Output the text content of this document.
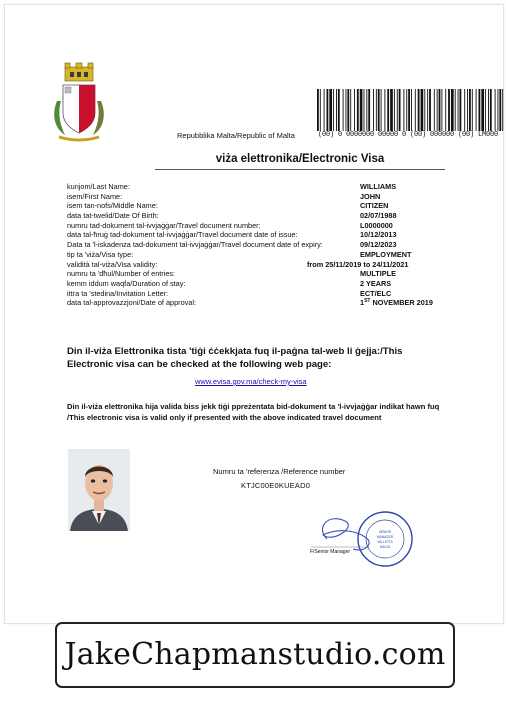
Repubblika Malta/Republic of Malta	(00) 0 0000000 00000 0 (00) 000000 (00) LM000
viża elettronika/Electronic Visa
kunjom/Last Name:	WILLIAMS
isem/First Name:	JOHN
isem tan-nofs/Middle Name:	CITIZEN
data tat-twelid/Date Of Birth:	02/07/1988
numru tad-dokument tal-ivvjaġġar/Travel document number:	L0000000
data tal-ħruġ tad-dokument tal-ivvjaġġar/Travel document date of issue:	10/12/2013
Data ta 'l-iskadenza tad-dokument tal-ivvjaġġar/Travel document date of expiry:	09/12/2023
tip ta 'viża/Visa type:	EMPLOYMENT
validità tal-viża/Visa validity:	from 25/11/2019 to 24/11/2021
numru ta 'dħul/Number of entries:	MULTIPLE
kemm iddum waqfa/Duration of stay:	2 YEARS
ittra ta 'stedina/Invitation Letter:	ECT/ELC
data tal-approvazzjoni/Date of approval:	1ST NOVEMBER 2019
Din il-viża Elettronika tista 'tiġi ċċekkjata fuq il-paġna tal-web li ġejja:/This Electronic visa can be checked at the following web page:
www.evisa.gov.ma/check-my-visa
Din il-viża elettronika hija valida biss jekk tiġi ppreżentata bid-dokument ta 'l-ivvjaġġar indikat hawn fuq /This electronic visa is valid only if presented with the above indicated travel document
Numru ta 'referenza /Reference number
KTJC00E0KUEAD0
SENIOR
MANAGER
VALLETTA
MALTA
F/Senior Manager
JakeChapmanstudio.com
